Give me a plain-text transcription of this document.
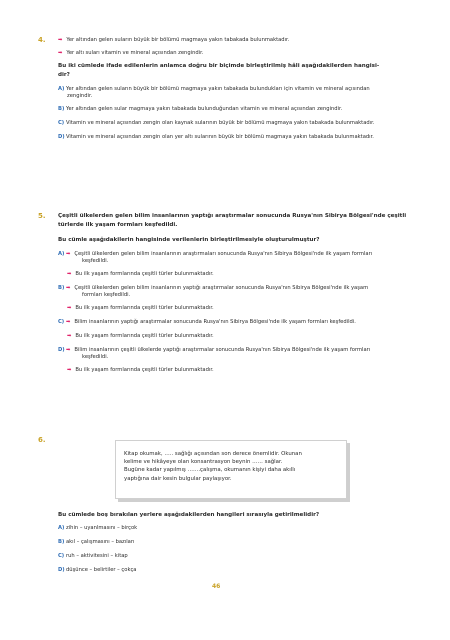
4. ➡ Yer altından gelen suların büyük bir bölümü magmaya yakın tabakada bulunmaktadır.
➡ Yer altı suları vitamin ve mineral açısından zengindir.
Bu iki cümlede ifade edilenlerin anlamca doğru bir biçimde birleştirilmiş hâli aşağıdakilerden hangisi-
dir?
A) Yer altından gelen suların büyük bir bölümü magmaya yakın tabakada bulundukları için vitamin ve mineral açısından
zengindir.
B) Yer altından gelen sular magmaya yakın tabakada bulunduğundan vitamin ve mineral açısından zengindir.
C) Vitamin ve mineral açısından zengin olan kaynak sularının büyük bir bölümü magmaya yakın tabakada bulunmaktadır.
D)Vitamin ve mineral açısından zengin olan yer altı sularının büyük bir bölümü magmaya yakın tabakada bulunmaktadır.
5. Çeşitli ülkelerden gelen bilim insanlarının yaptığı araştırmalar sonucunda Rusya'nın Sibirya Bölgesi'nde çeşitli
türlerde ilk yaşam formları keşfedildi.
Bu cümle aşağıdakilerin hangisinde verilenlerin birleştirilmesiyle oluşturulmuştur?
A) ➡ Çeşitli ülkelerden gelen bilim insanlarının araştırmaları sonucunda Rusya'nın Sibirya Bölgesi'nde ilk yaşam formları
keşfedildi.
➡ Bu ilk yaşam formlarında çeşitli türler bulunmaktadır.
B) ➡ Çeşitli ülkelerden gelen bilim insanlarının yaptığı araştırmalar sonucunda Rusya'nın Sibirya Bölgesi'nde ilk yaşam
formları keşfedildi.
➡ Bu ilk yaşam formlarında çeşitli türler bulunmaktadır.
C) ➡ Bilim insanlarının yaptığı araştırmalar sonucunda Rusya'nın Sibirya Bölgesi'nde ilk yaşam formları keşfedildi.
➡ Bu ilk yaşam formlarında çeşitli türler bulunmaktadır.
D)➡ Bilim insanlarının çeşitli ülkelerde yaptığı araştırmalar sonucunda Rusya'nın Sibirya Bölgesi'nde ilk yaşam formları
keşfedildi.
➡ Bu ilk yaşam formlarında çeşitli türler bulunmaktadır.
6.
Kitap okumak, ….. sağlığı açısından son derece önemlidir. Okunan
kelime ve hikâyeye olan konsantrasyon beynin …… sağlar.
Bugüne kadar yapılmış …….çalışma, okumanın kişiyi daha akıllı
yaptığına dair kesin bulgular paylaşıyor.
Bu cümlede boş bırakılan yerlere aşağıdakilerden hangileri sırasıyla getirilmelidir?
A) zihin – uyanlmasını – birçok
B) akıl – çalışmasını – bazıları
C) ruh – aktivitesini – kitap
D)düşünce – belirtiler – çokça
46
